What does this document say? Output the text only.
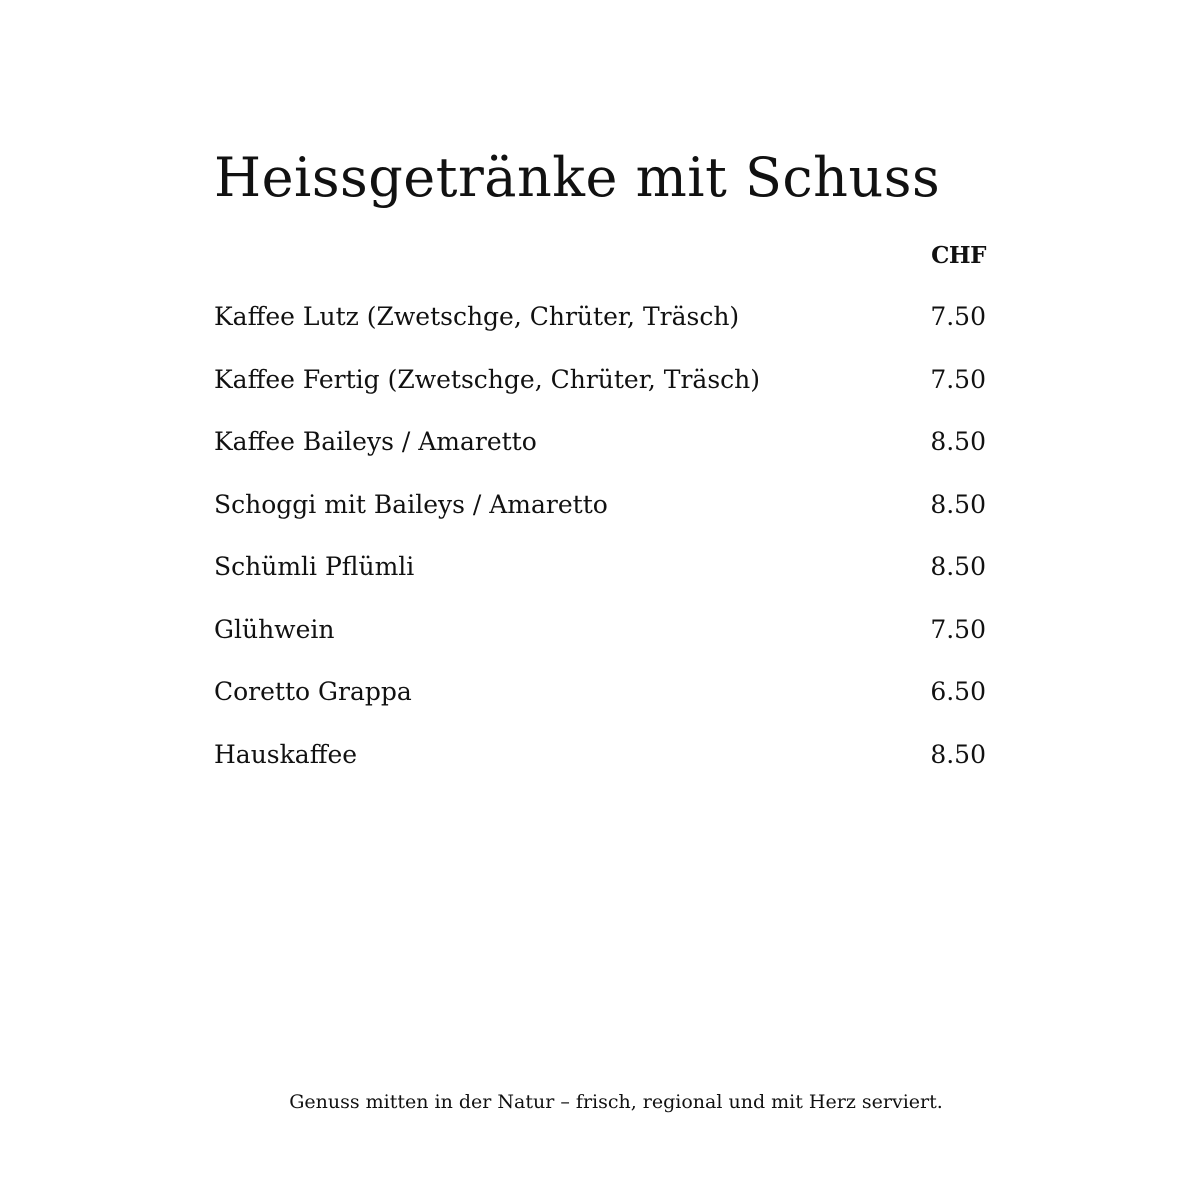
Heissgetränke mit Schuss
CHF
Kaffee Lutz (Zwetschge, Chrüter, Träsch)	7.50
Kaffee Fertig (Zwetschge, Chrüter, Träsch)	7.50
Kaffee Baileys / Amaretto	8.50
Schoggi mit Baileys / Amaretto	8.50
Schümli Pflümli	8.50
Glühwein	7.50
Coretto Grappa	6.50
Hauskaffee	8.50
Genuss mitten in der Natur – frisch, regional und mit Herz serviert.
